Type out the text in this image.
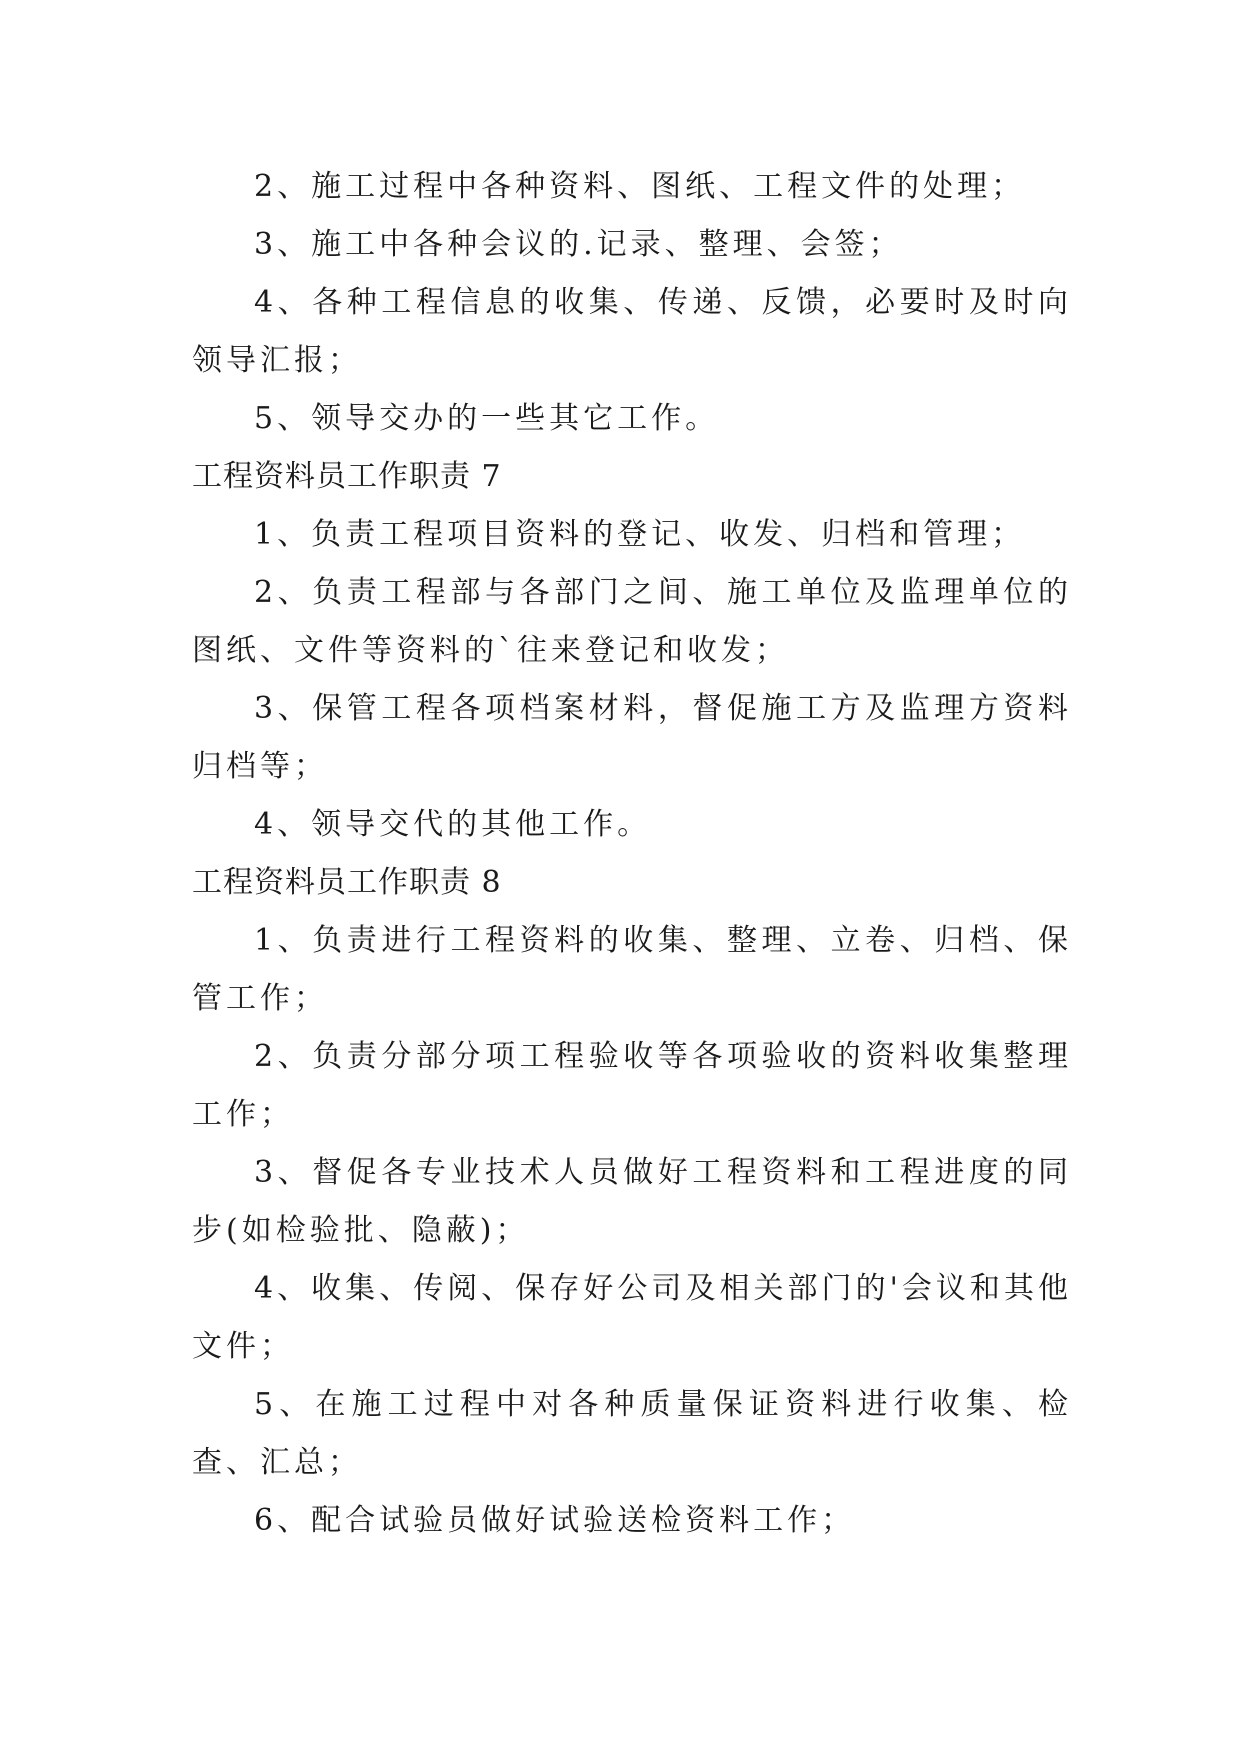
2、施工过程中各种资料、图纸、工程文件的处理；

3、施工中各种会议的.记录、整理、会签；

4、各种工程信息的收集、传递、反馈，必要时及时向领导汇报；

5、领导交办的一些其它工作。

工程资料员工作职责 7

1、负责工程项目资料的登记、收发、归档和管理；

2、负责工程部与各部门之间、施工单位及监理单位的图纸、文件等资料的`往来登记和收发；

3、保管工程各项档案材料，督促施工方及监理方资料归档等；

4、领导交代的其他工作。

工程资料员工作职责 8

1、负责进行工程资料的收集、整理、立卷、归档、保管工作；

2、负责分部分项工程验收等各项验收的资料收集整理工作；

3、督促各专业技术人员做好工程资料和工程进度的同步(如检验批、隐蔽)；

4、收集、传阅、保存好公司及相关部门的'会议和其他文件；

5、在施工过程中对各种质量保证资料进行收集、检查、汇总；

6、配合试验员做好试验送检资料工作；
